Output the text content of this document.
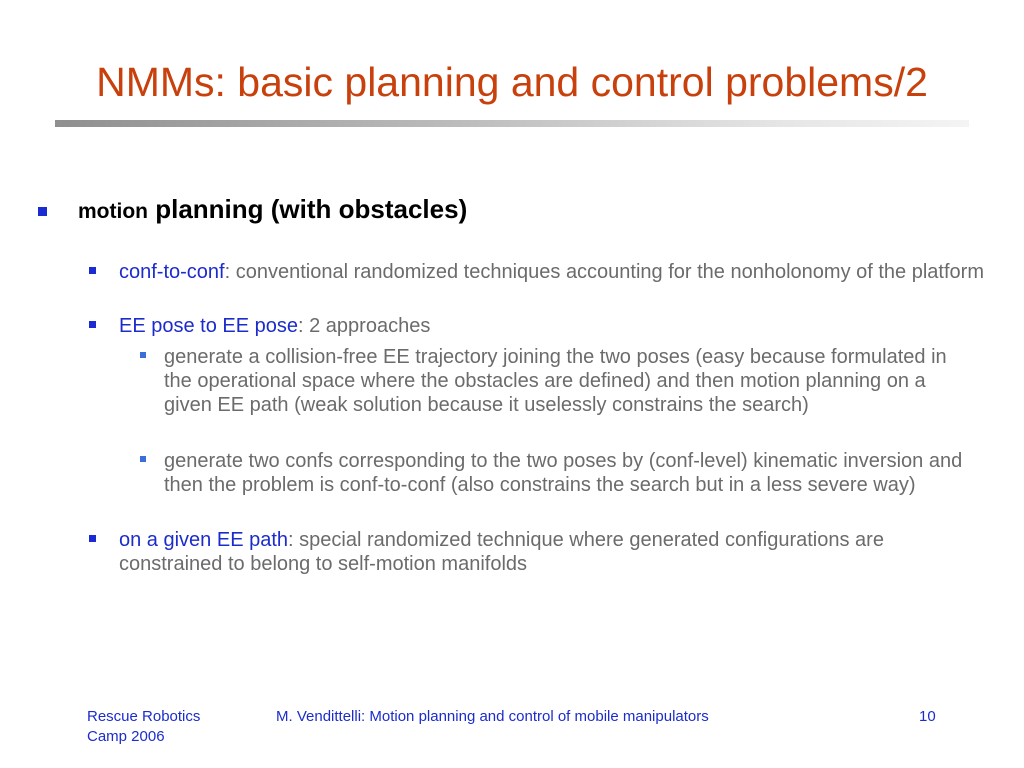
NMMs: basic planning and control problems/2
motion planning (with obstacles)
conf-to-conf: conventional randomized techniques accounting for the nonholonomy of the platform
EE pose to EE pose: 2 approaches
generate a collision-free EE trajectory joining the two poses (easy because formulated in the operational space where the obstacles are defined) and then motion planning on a given EE path (weak solution because it uselessly constrains the search)
generate two confs corresponding to the two poses by (conf-level) kinematic inversion and then the problem is conf-to-conf (also constrains the search but in a less severe way)
on a given EE path: special randomized technique where generated configurations are constrained to belong to self-motion manifolds
Rescue Robotics
Camp 2006
M. Vendittelli: Motion planning and control of mobile manipulators	10
